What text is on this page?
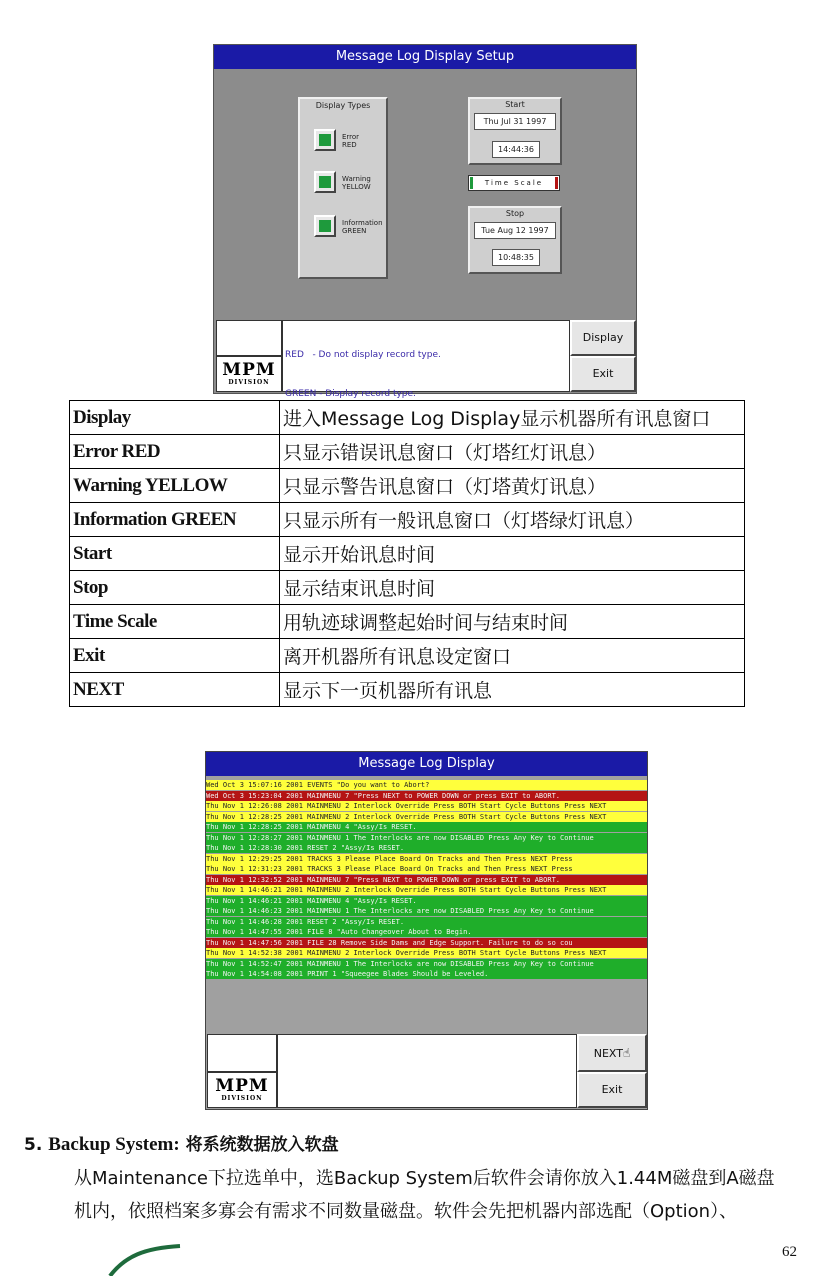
Message Log Display Setup
Display Types
Error
RED
Warning
YELLOW
Information
GREEN
Start
Thu Jul 31 1997
14:44:36
Time Scale
Stop
Tue Aug 12 1997
10:48:35

RED   - Do not display record type.

GREEN - Display record type.

Display
Exit
MPM
DIVISION
Display	进入Message Log Display显示机器所有讯息窗口
Error RED	只显示错误讯息窗口（灯塔红灯讯息）
Warning YELLOW	只显示警告讯息窗口（灯塔黄灯讯息）
Information GREEN	只显示所有一般讯息窗口（灯塔绿灯讯息）
Start	显示开始讯息时间
Stop	显示结束讯息时间
Time Scale	用轨迹球调整起始时间与结束时间
Exit	离开机器所有讯息设定窗口
NEXT	显示下一页机器所有讯息
Message Log Display
Wed Oct 3 15:07:16 2001 EVENTS "Do you want to Abort?
Wed Oct 3 15:23:04 2001 MAINMENU 7 "Press NEXT to POWER DOWN or press EXIT to ABORT.
Thu Nov 1 12:26:08 2001 MAINMENU 2 Interlock Override Press BOTH Start Cycle Buttons Press NEXT
Thu Nov 1 12:28:25 2001 MAINMENU 2 Interlock Override Press BOTH Start Cycle Buttons Press NEXT
Thu Nov 1 12:28:25 2001 MAINMENU 4 "Assy/Is RESET.
Thu Nov 1 12:28:27 2001 MAINMENU 1 The Interlocks are now DISABLED Press Any Key to Continue
Thu Nov 1 12:28:30 2001 RESET 2 "Assy/Is RESET.
Thu Nov 1 12:29:25 2001 TRACKS 3 Please Place Board On Tracks and Then Press NEXT Press
Thu Nov 1 12:31:23 2001 TRACKS 3 Please Place Board On Tracks and Then Press NEXT Press
Thu Nov 1 12:32:52 2001 MAINMENU 7 "Press NEXT to POWER DOWN or press EXIT to ABORT.
Thu Nov 1 14:46:21 2001 MAINMENU 2 Interlock Override Press BOTH Start Cycle Buttons Press NEXT
Thu Nov 1 14:46:21 2001 MAINMENU 4 "Assy/Is RESET.
Thu Nov 1 14:46:23 2001 MAINMENU 1 The Interlocks are now DISABLED Press Any Key to Continue
Thu Nov 1 14:46:28 2001 RESET 2 "Assy/Is RESET.
Thu Nov 1 14:47:55 2001 FILE 8 "Auto Changeover About to Begin.
Thu Nov 1 14:47:56 2001 FILE 28 Remove Side Dams and Edge Support. Failure to do so cou
Thu Nov 1 14:52:38 2001 MAINMENU 2 Interlock Override Press BOTH Start Cycle Buttons Press NEXT
Thu Nov 1 14:52:47 2001 MAINMENU 1 The Interlocks are now DISABLED Press Any Key to Continue
Thu Nov 1 14:54:08 2001 PRINT 1 "Squeegee Blades Should be Leveled.
NEXT☝
Exit
MPM
DIVISION
5. Backup System: 将系统数据放入软盘
从Maintenance下拉选单中，选Backup System后软件会请你放入1.44M磁盘到A磁盘
机内，依照档案多寡会有需求不同数量磁盘。软件会先把机器内部选配（Option）、
62
